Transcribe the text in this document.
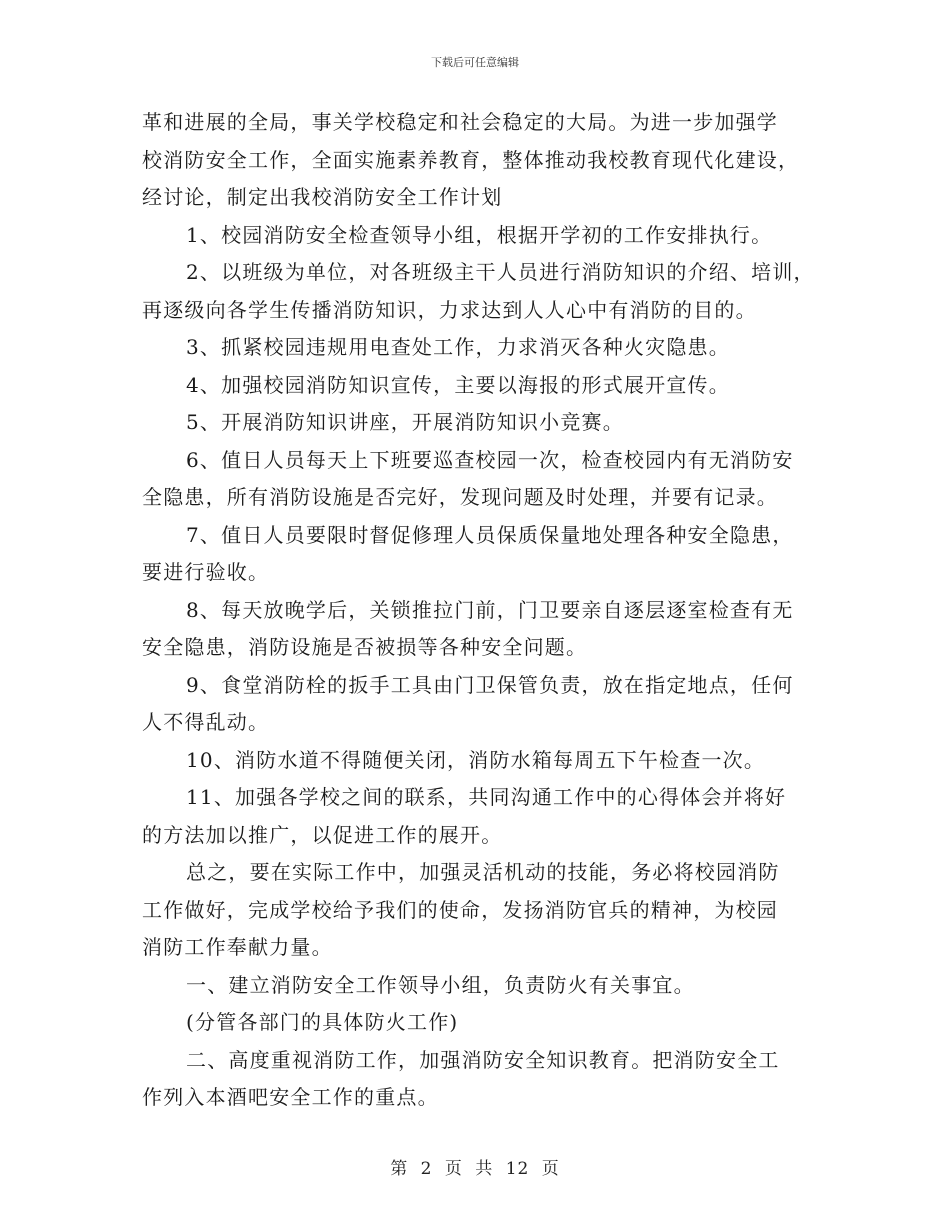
下载后可任意编辑
革和进展的全局，事关学校稳定和社会稳定的大局。为进一步加强学
校消防安全工作，全面实施素养教育，整体推动我校教育现代化建设，
经讨论，制定出我校消防安全工作计划
1、校园消防安全检查领导小组，根据开学初的工作安排执行。
2、以班级为单位，对各班级主干人员进行消防知识的介绍、培训，
再逐级向各学生传播消防知识，力求达到人人心中有消防的目的。
3、抓紧校园违规用电查处工作，力求消灭各种火灾隐患。
4、加强校园消防知识宣传，主要以海报的形式展开宣传。
5、开展消防知识讲座，开展消防知识小竞赛。
6、值日人员每天上下班要巡查校园一次，检查校园内有无消防安
全隐患，所有消防设施是否完好，发现问题及时处理，并要有记录。
7、值日人员要限时督促修理人员保质保量地处理各种安全隐患，
要进行验收。
8、每天放晚学后，关锁推拉门前，门卫要亲自逐层逐室检查有无
安全隐患，消防设施是否被损等各种安全问题。
9、食堂消防栓的扳手工具由门卫保管负责，放在指定地点，任何
人不得乱动。
10、消防水道不得随便关闭，消防水箱每周五下午检查一次。
11、加强各学校之间的联系，共同沟通工作中的心得体会并将好
的方法加以推广，以促进工作的展开。
总之，要在实际工作中，加强灵活机动的技能，务必将校园消防
工作做好，完成学校给予我们的使命，发扬消防官兵的精神，为校园
消防工作奉献力量。
一、建立消防安全工作领导小组，负责防火有关事宜。
(分管各部门的具体防火工作)
二、高度重视消防工作，加强消防安全知识教育。把消防安全工
作列入本酒吧安全工作的重点。
第 2 页 共 12 页
